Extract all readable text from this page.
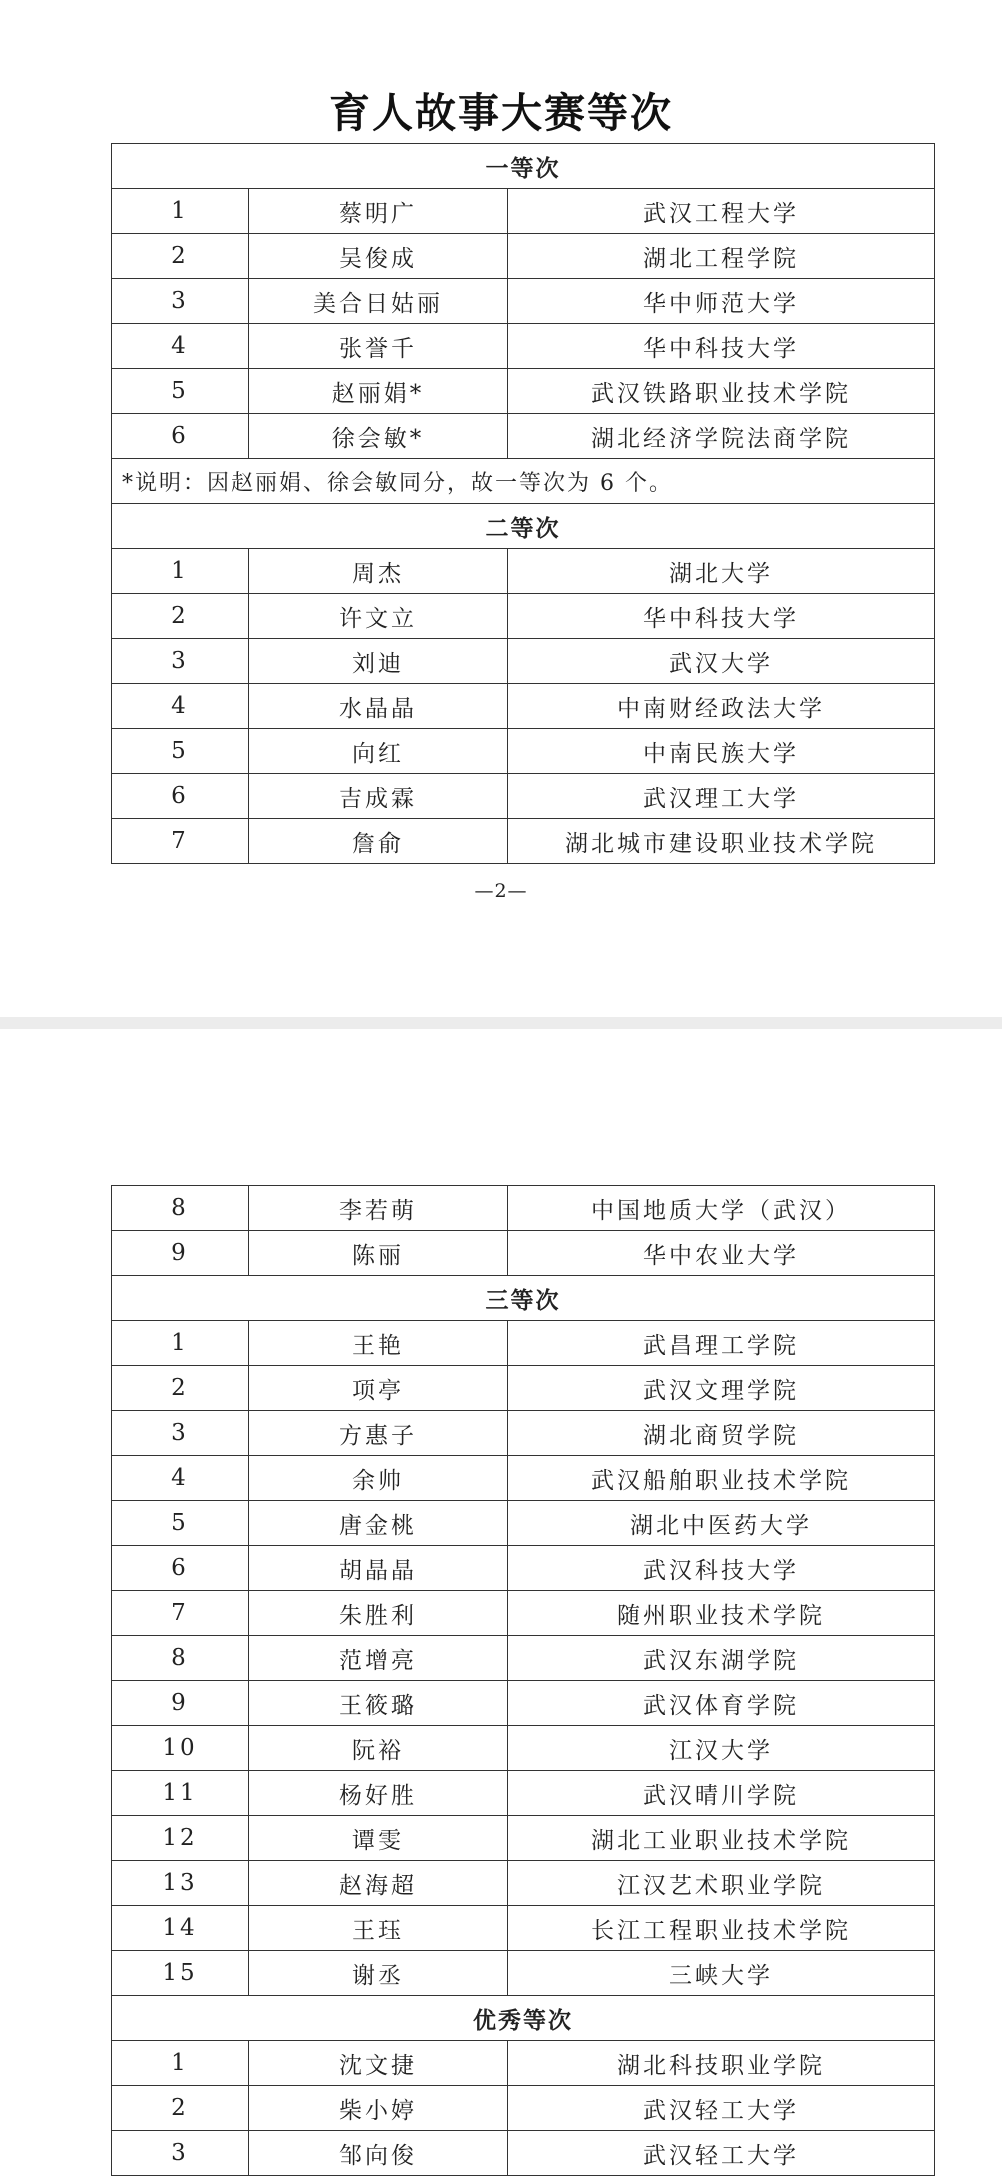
育人故事大赛等次
一等次		
1	蔡明广	武汉工程大学
2	吴俊成	湖北工程学院
3	美合日姑丽	华中师范大学
4	张誉千	华中科技大学
5	赵丽娟*	武汉铁路职业技术学院
6	徐会敏*	湖北经济学院法商学院
*说明：因赵丽娟、徐会敏同分，故一等次为 6 个。		
二等次		
1	周杰	湖北大学
2	许文立	华中科技大学
3	刘迪	武汉大学
4	水晶晶	中南财经政法大学
5	向红	中南民族大学
6	吉成霖	武汉理工大学
7	詹俞	湖北城市建设职业技术学院
—2—
8	李若萌	中国地质大学（武汉）
9	陈丽	华中农业大学
三等次		
1	王艳	武昌理工学院
2	项亭	武汉文理学院
3	方惠子	湖北商贸学院
4	余帅	武汉船舶职业技术学院
5	唐金桃	湖北中医药大学
6	胡晶晶	武汉科技大学
7	朱胜利	随州职业技术学院
8	范增亮	武汉东湖学院
9	王筱璐	武汉体育学院
10	阮裕	江汉大学
11	杨好胜	武汉晴川学院
12	谭雯	湖北工业职业技术学院
13	赵海超	江汉艺术职业学院
14	王珏	长江工程职业技术学院
15	谢丞	三峡大学
优秀等次		
1	沈文捷	湖北科技职业学院
2	柴小婷	武汉轻工大学
3	邹向俊	武汉轻工大学
